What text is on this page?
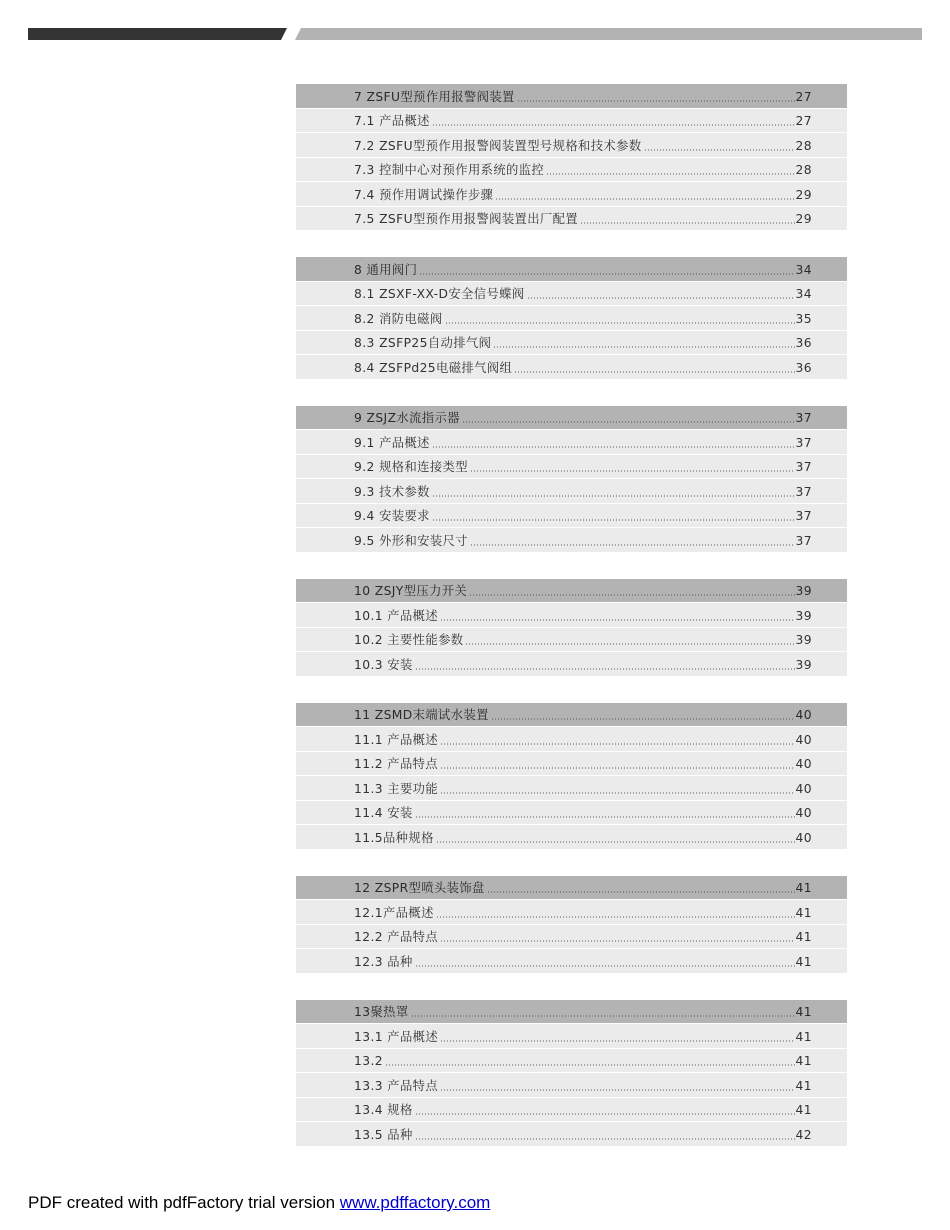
7 ZSFU型预作用报警阀装置	27
7.1 产品概述	27
7.2 ZSFU型预作用报警阀装置型号规格和技术参数	28
7.3 控制中心对预作用系统的监控	28
7.4 预作用调试操作步骤	29
7.5 ZSFU型预作用报警阀装置出厂配置	29
8 通用阀门	34
8.1 ZSXF-XX-D安全信号蝶阀	34
8.2 消防电磁阀	35
8.3 ZSFP25自动排气阀	36
8.4 ZSFPd25电磁排气阀组	36
9 ZSJZ水流指示器	37
9.1 产品概述	37
9.2 规格和连接类型	37
9.3 技术参数	37
9.4 安装要求	37
9.5 外形和安装尺寸	37
10 ZSJY型压力开关	39
10.1 产品概述	39
10.2 主要性能参数	39
10.3 安装	39
11 ZSMD末端试水装置	40
11.1 产品概述	40
11.2 产品特点	40
11.3 主要功能	40
11.4 安装	40
11.5品种规格	40
12 ZSPR型喷头装饰盘	41
12.1产品概述	41
12.2 产品特点	41
12.3 品种	41
13聚热罩	41
13.1 产品概述	41
13.2	41
13.3 产品特点	41
13.4 规格	41
13.5 品种	42
PDF created with pdfFactory trial version www.pdffactory.com
